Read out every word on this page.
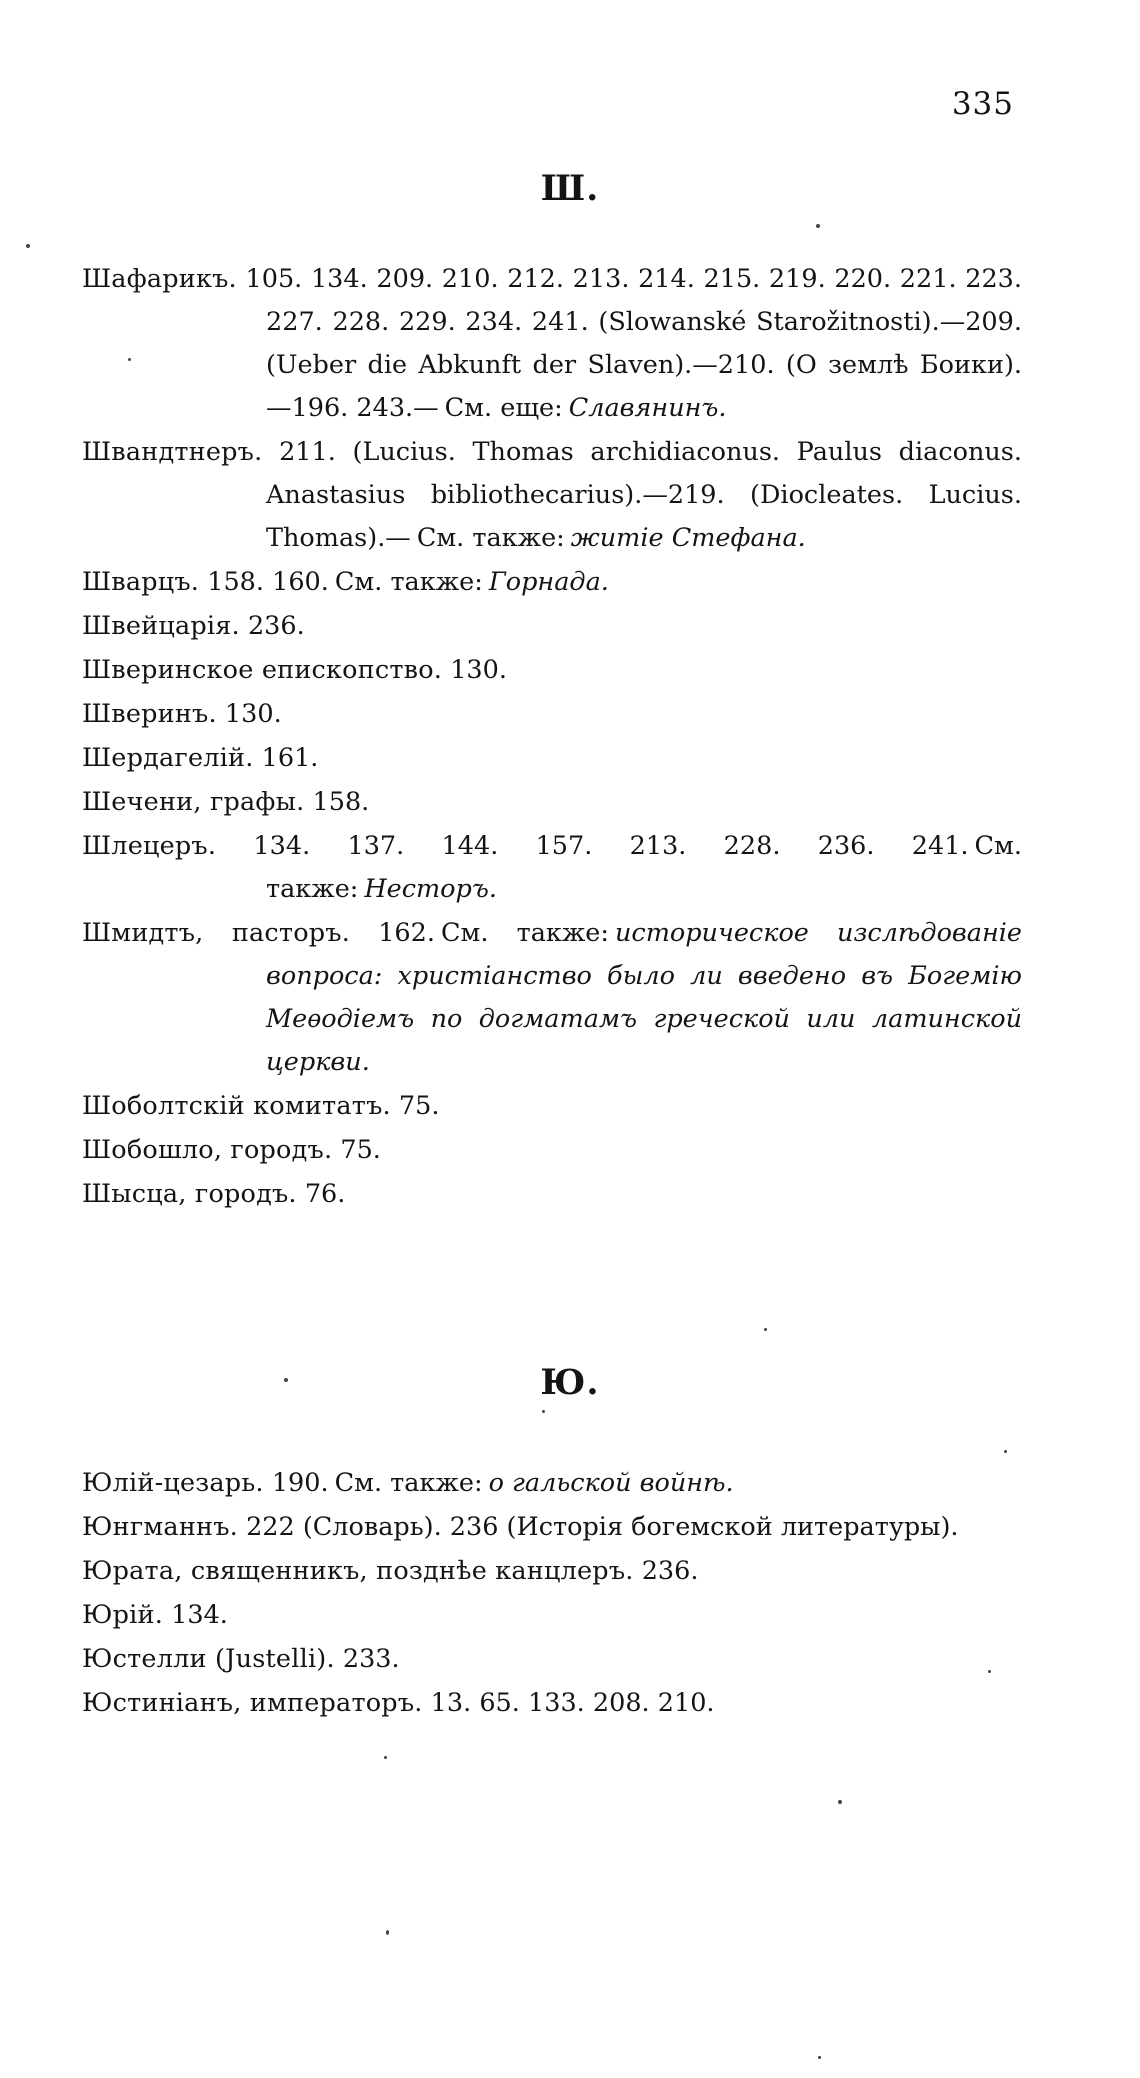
335
Ш.

Шафарикъ. 105. 134. 209. 210. 212. 213. 214. 215. 219. 220. 221. 223. 227. 228. 229. 234. 241. (Slowanské Starožitnosti).—209. (Ueber die Abkunft der Slaven).—210. (О землѣ Боики).—196. 243.— См. еще: Славянинъ.

Швандтнеръ. 211. (Lucius. Thomas archidiaconus. Paulus diaconus. Anastasius bibliothecarius).—219. (Diocleates. Lucius. Thomas).— См. также: житіе Стефана.

Шварцъ. 158. 160. См. также: Горнада.

Швейцарія. 236.

Шверинское епископство. 130.

Шверинъ. 130.

Шердагелій. 161.

Шечени, графы. 158.

Шлецеръ. 134. 137. 144. 157. 213. 228. 236. 241. См. также: Несторъ.

Шмидтъ, пасторъ. 162. См. также: историческое изслѣдованіе вопроса: христіанство было ли введено въ Богемію Меѳодіемъ по догматамъ греческой или латинской церкви.

Шоболтскій комитатъ. 75.

Шобошло, городъ. 75.

Шысца, городъ. 76.

Ю.

Юлій-цезарь. 190. См. также: о гальской войнѣ.

Юнгманнъ. 222 (Словарь). 236 (Исторія богемской литературы).

Юрата, священникъ, позднѣе канцлеръ. 236.

Юрій. 134.

Юстелли (Justelli). 233.

Юстиніанъ, императоръ. 13. 65. 133. 208. 210.
